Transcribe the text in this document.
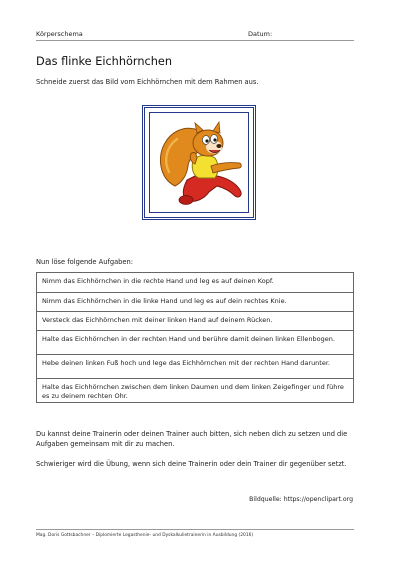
Körperschema	Datum:
Das flinke Eichhörnchen
Schneide zuerst das Bild vom Eichhörnchen mit dem Rahmen aus.
Nun löse folgende Aufgaben:
Nimm das Eichhörnchen in die rechte Hand und leg es auf deinen Kopf.
Nimm das Eichhörnchen in die linke Hand und leg es auf dein rechtes Knie.
Versteck das Eichhörnchen mit deiner linken Hand auf deinem Rücken.
Halte das Eichhörnchen in der rechten Hand und berühre damit deinen linken Ellenbogen.
Hebe deinen linken Fuß hoch und lege das Eichhörnchen mit der rechten Hand darunter.
Halte das Eichhörnchen zwischen dem linken Daumen und dem linken Zeigefinger und führe es zu deinem rechten Ohr.
Du kannst deine Trainerin oder deinen Trainer auch bitten, sich neben dich zu setzen und die Aufgaben gemeinsam mit dir zu machen.
Schwieriger wird die Übung, wenn sich deine Trainerin oder dein Trainer dir gegenüber setzt.
Bildquelle: https://openclipart.org
Mag. Doris Gottsbachner – Diplomierte Legasthenie- und Dyskalkulietrainerin in Ausbildung (2016)
